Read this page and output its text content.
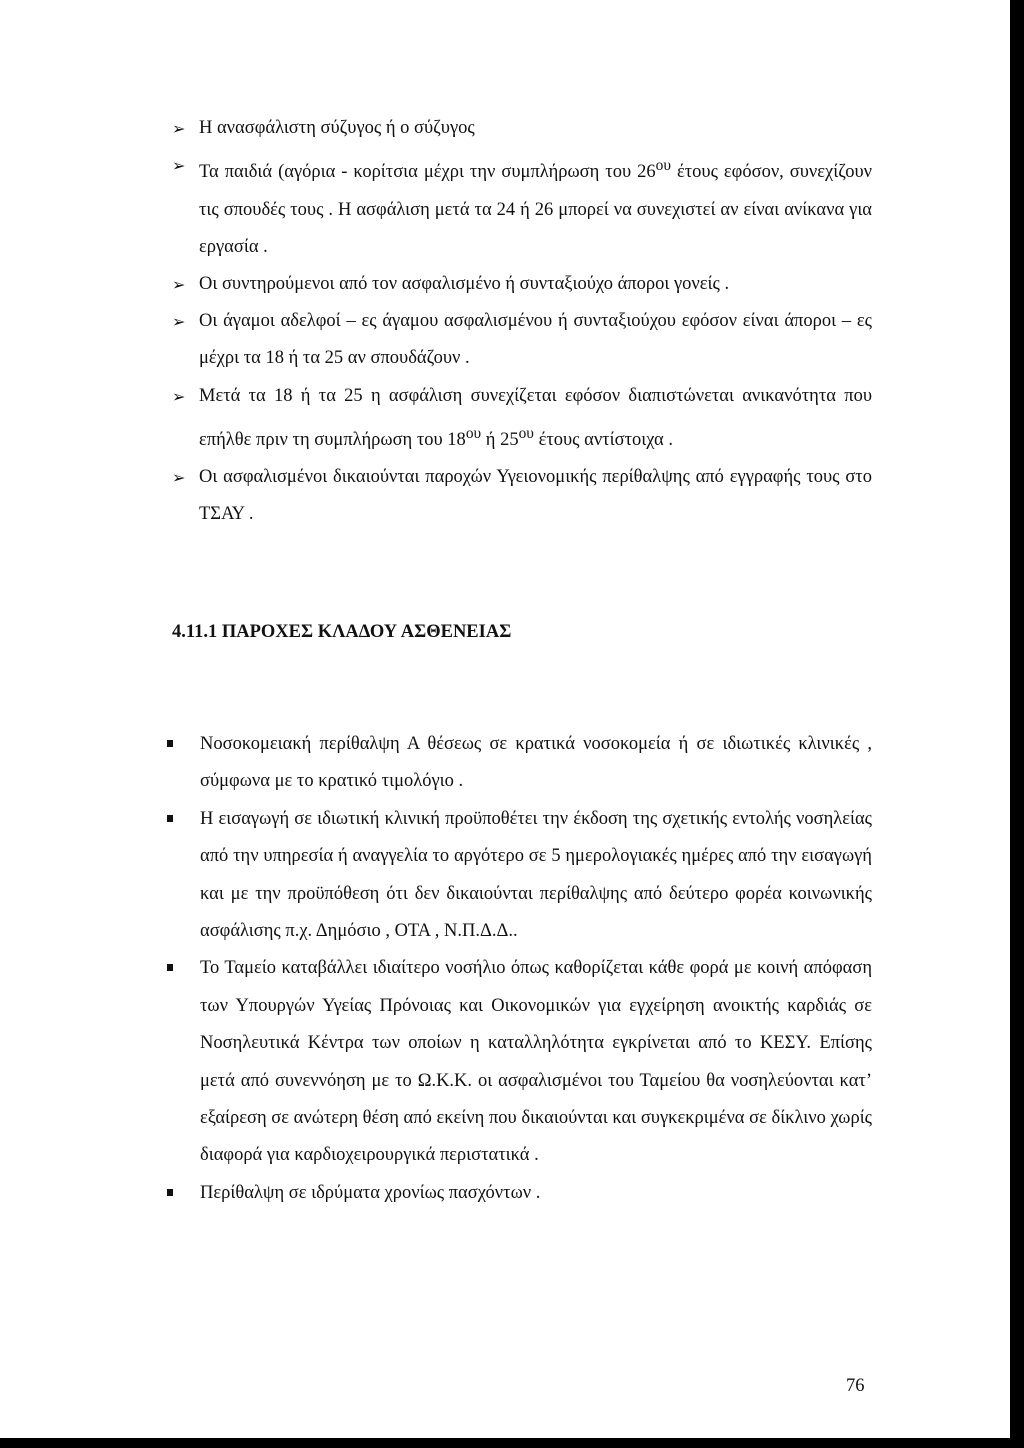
➢ Η ανασφάλιστη σύζυγος ή ο σύζυγος
➢ Τα παιδιά (αγόρια - κορίτσια μέχρι την συμπλήρωση του $26^{o\upsilon}$ έτους εφόσον, συνεχίζουν τις σπουδές τους . Η ασφάλιση μετά τα 24 ή 26 μπορεί να συνεχιστεί αν είναι ανίκανα για εργασία .
➢ Οι συντηρούμενοι από τον ασφαλισμένο ή συνταξιούχο άποροι γονείς .
➢ Οι άγαμοι αδελφοί – ες άγαμου ασφαλισμένου ή συνταξιούχου εφόσον είναι άποροι – ες μέχρι τα 18 ή τα 25 αν σπουδάζουν .
➢ Μετά τα 18 ή τα 25 η ασφάλιση συνεχίζεται εφόσον διαπιστώνεται ανικανότητα που επήλθε πριν τη συμπλήρωση του $18^{o\upsilon}$ ή $25^{o\upsilon}$ έτους αντίστοιχα .
➢ Οι ασφαλισμένοι δικαιούνται παροχών Υγειονομικής περίθαλψης από εγγραφής τους στο ΤΣΑΥ .
4.11.1 ΠΑΡΟΧΕΣ ΚΛΑΔΟΥ ΑΣΘΕΝΕΙΑΣ
Νοσοκομειακή περίθαλψη Α θέσεως σε κρατικά νοσοκομεία ή σε ιδιωτικές κλινικές , σύμφωνα με το κρατικό τιμολόγιο .
Η εισαγωγή σε ιδιωτική κλινική προϋποθέτει την έκδοση της σχετικής εντολής νοσηλείας από την υπηρεσία ή αναγγελία το αργότερο σε 5 ημερολογιακές ημέρες από την εισαγωγή και με την προϋπόθεση ότι δεν δικαιούνται περίθαλψης από δεύτερο φορέα κοινωνικής ασφάλισης π.χ. Δημόσιο , ΟΤΑ , Ν.Π.Δ.Δ..
Το Ταμείο καταβάλλει ιδιαίτερο νοσήλιο όπως καθορίζεται κάθε φορά με κοινή απόφαση των Υπουργών Υγείας Πρόνοιας και Οικονομικών για εγχείρηση ανοικτής καρδιάς σε Νοσηλευτικά Κέντρα των οποίων η καταλληλότητα εγκρίνεται από το ΚΕΣΥ. Επίσης μετά από συνεννόηση με το Ω.Κ.Κ. οι ασφαλισμένοι του Ταμείου θα νοσηλεύονται κατ’ εξαίρεση σε ανώτερη θέση από εκείνη που δικαιούνται και συγκεκριμένα σε δίκλινο χωρίς διαφορά για καρδιοχειρουργικά περιστατικά .
Περίθαλψη σε ιδρύματα χρονίως πασχόντων .
76
